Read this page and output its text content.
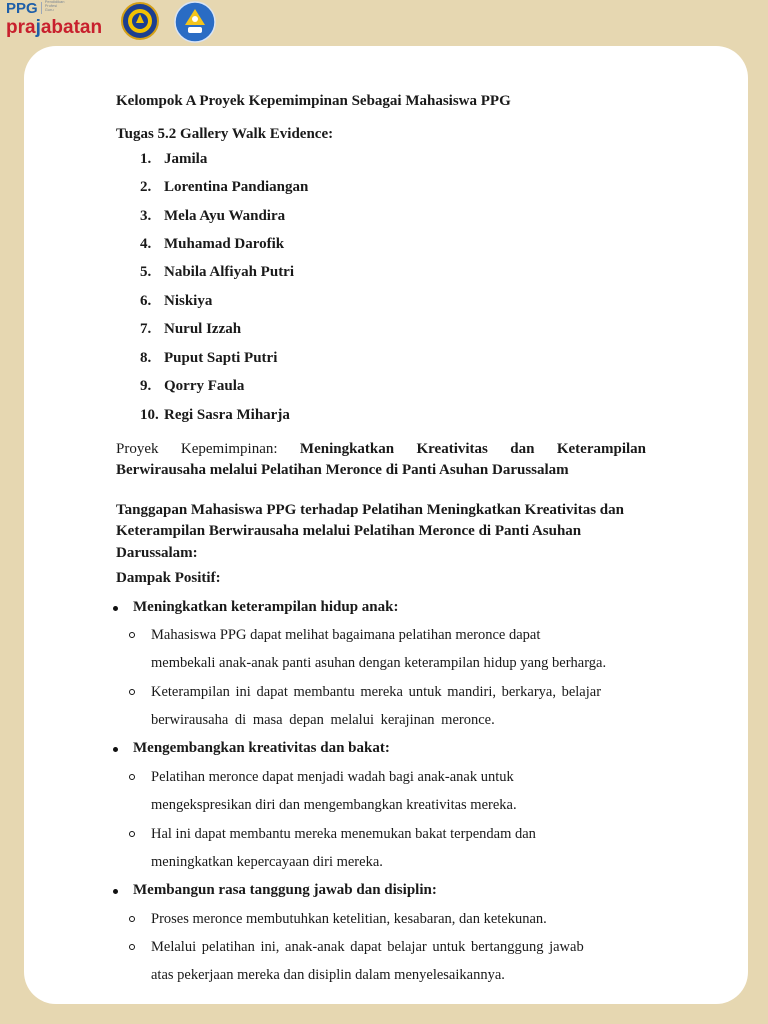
PPG Pendidikan Profesi Guru
prajabatan
Kelompok A Proyek Kepemimpinan Sebagai Mahasiswa PPG
Tugas 5.2 Gallery Walk Evidence:
1. Jamila
2. Lorentina Pandiangan
3. Mela Ayu Wandira
4. Muhamad Darofik
5. Nabila Alfiyah Putri
6. Niskiya
7. Nurul Izzah
8. Puput Sapti Putri
9. Qorry Faula
10. Regi Sasra Miharja
Proyek Kepemimpinan: Meningkatkan Kreativitas dan Keterampilan
Berwirausaha melalui Pelatihan Meronce di Panti Asuhan Darussalam
Tanggapan Mahasiswa PPG terhadap Pelatihan Meningkatkan Kreativitas dan
Keterampilan Berwirausaha melalui Pelatihan Meronce di Panti Asuhan
Darussalam:
Dampak Positif:
Meningkatkan keterampilan hidup anak:
Mahasiswa PPG dapat melihat bagaimana pelatihan meronce dapat
membekali anak-anak panti asuhan dengan keterampilan hidup yang berharga.
Keterampilan ini dapat membantu mereka untuk mandiri, berkarya, belajar
berwirausaha di masa depan melalui kerajinan meronce.
Mengembangkan kreativitas dan bakat:
Pelatihan meronce dapat menjadi wadah bagi anak-anak untuk
mengekspresikan diri dan mengembangkan kreativitas mereka.
Hal ini dapat membantu mereka menemukan bakat terpendam dan
meningkatkan kepercayaan diri mereka.
Membangun rasa tanggung jawab dan disiplin:
Proses meronce membutuhkan ketelitian, kesabaran, dan ketekunan.
Melalui pelatihan ini, anak-anak dapat belajar untuk bertanggung jawab
atas pekerjaan mereka dan disiplin dalam menyelesaikannya.
